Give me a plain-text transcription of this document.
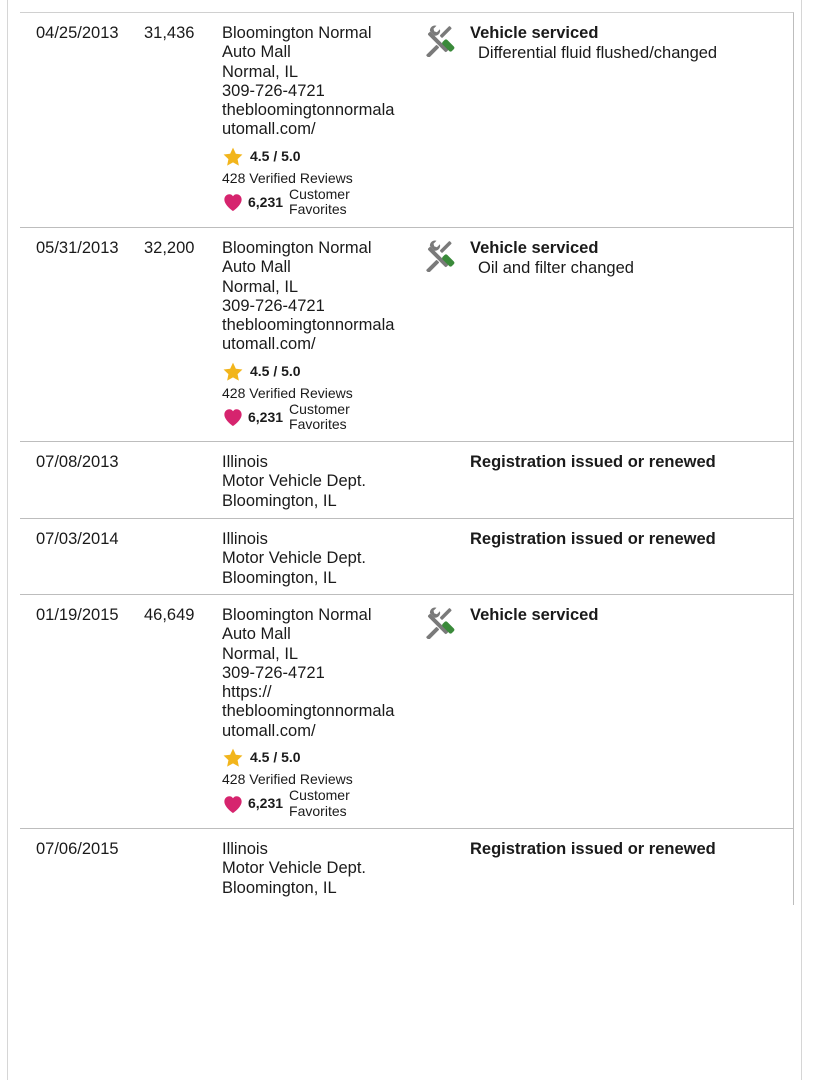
04/25/2013 31,436 Bloomington Normal
Auto Mall
Normal, IL
309-726-4721
thebloomingtonnormala
utomall.com/
4.5 / 5.0
428 Verified Reviews
6,231 Customer
Favorites
Vehicle serviced
Differential fluid flushed/changed
05/31/2013 32,200 Bloomington Normal
Auto Mall
Normal, IL
309-726-4721
thebloomingtonnormala
utomall.com/
4.5 / 5.0
428 Verified Reviews
6,231 Customer
Favorites
Vehicle serviced
Oil and filter changed
07/08/2013	Illinois
Motor Vehicle Dept.
Bloomington, IL
Registration issued or renewed
07/03/2014	Illinois
Motor Vehicle Dept.
Bloomington, IL
Registration issued or renewed
01/19/2015 46,649 Bloomington Normal
Auto Mall
Normal, IL
309-726-4721
https://
thebloomingtonnormala
utomall.com/
4.5 / 5.0
428 Verified Reviews
6,231 Customer
Favorites
Vehicle serviced
07/06/2015	Illinois
Motor Vehicle Dept.
Bloomington, IL
Registration issued or renewed
